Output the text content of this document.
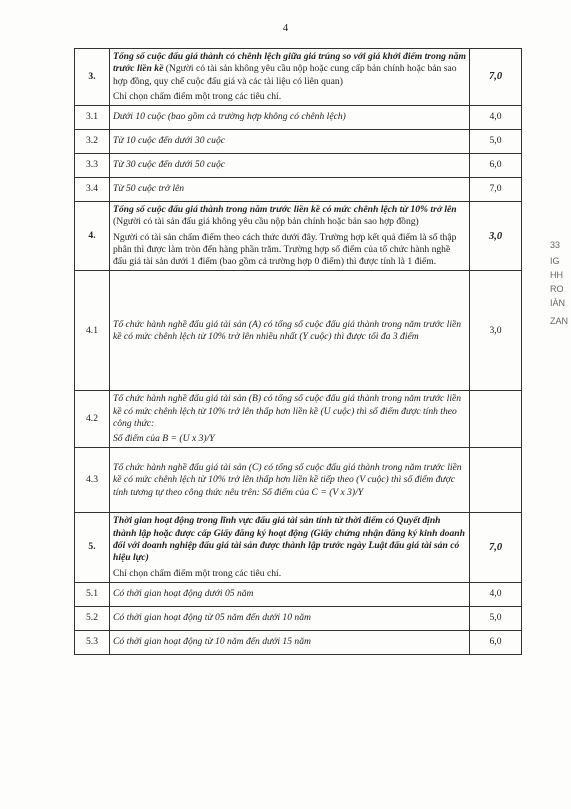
4
3.	Tổng số cuộc đấu giá thành có chênh lệch giữa giá trúng so với giá khởi điểm trong năm trước liền kề (Người có tài sản không yêu cầu nộp hoặc cung cấp bản chính hoặc bản sao hợp đồng, quy chế cuộc đấu giá và các tài liệu có liên quan)
Chỉ chọn chấm điểm một trong các tiêu chí.	7,0
3.1	Dưới 10 cuộc (bao gồm cả trường hợp không có chênh lệch)	4,0
3.2	Từ 10 cuộc đến dưới 30 cuộc	5,0
3.3	Từ 30 cuộc đến dưới 50 cuộc	6,0
3.4	Từ 50 cuộc trở lên	7,0
4.	Tổng số cuộc đấu giá thành trong năm trước liền kề có mức chênh lệch từ 10% trở lên (Người có tài sản đấu giá không yêu cầu nộp bản chính hoặc bản sao hợp đồng)
Người có tài sản chấm điểm theo cách thức dưới đây. Trường hợp kết quả điểm là số thập phân thì được làm tròn đến hàng phần trăm. Trường hợp số điểm của tổ chức hành nghề đấu giá tài sản dưới 1 điểm (bao gồm cả trường hợp 0 điểm) thì được tính là 1 điểm.	3,0
4.1	Tổ chức hành nghề đấu giá tài sản (A) có tổng số cuộc đấu giá thành trong năm trước liền kề có mức chênh lệch từ 10% trở lên nhiều nhất (Y cuộc) thì được tối đa 3 điểm	3,0
4.2	Tổ chức hành nghề đấu giá tài sản (B) có tổng số cuộc đấu giá thành trong năm trước liền kề có mức chênh lệch từ 10% trở lên thấp hơn liền kề (U cuộc) thì số điểm được tính theo công thức:
Số điểm của B = (U x 3)/Y	

4.3	Tổ chức hành nghề đấu giá tài sản (C) có tổng số cuộc đấu giá thành trong năm trước liền kề có mức chênh lệch từ 10% trở lên thấp hơn liền kề tiếp theo (V cuộc) thì số điểm được tính tương tự theo công thức nêu trên: Số điểm của C = (V x 3)/Y	

5.	Thời gian hoạt động trong lĩnh vực đấu giá tài sản tính từ thời điểm có Quyết định thành lập hoặc được cấp Giấy đăng ký hoạt động (Giấy chứng nhận đăng ký kinh doanh đối với doanh nghiệp đấu giá tài sản được thành lập trước ngày Luật đấu giá tài sản có hiệu lực)
Chỉ chọn chấm điểm một trong các tiêu chí.	7,0
5.1	Có thời gian hoạt động dưới 05 năm	4,0
5.2	Có thời gian hoạt động từ 05 năm đến dưới 10 năm	5,0
5.3	Có thời gian hoạt động từ 10 năm đến dưới 15 năm	6,0
33
IG
HH
RO
IÀN
ZAN
